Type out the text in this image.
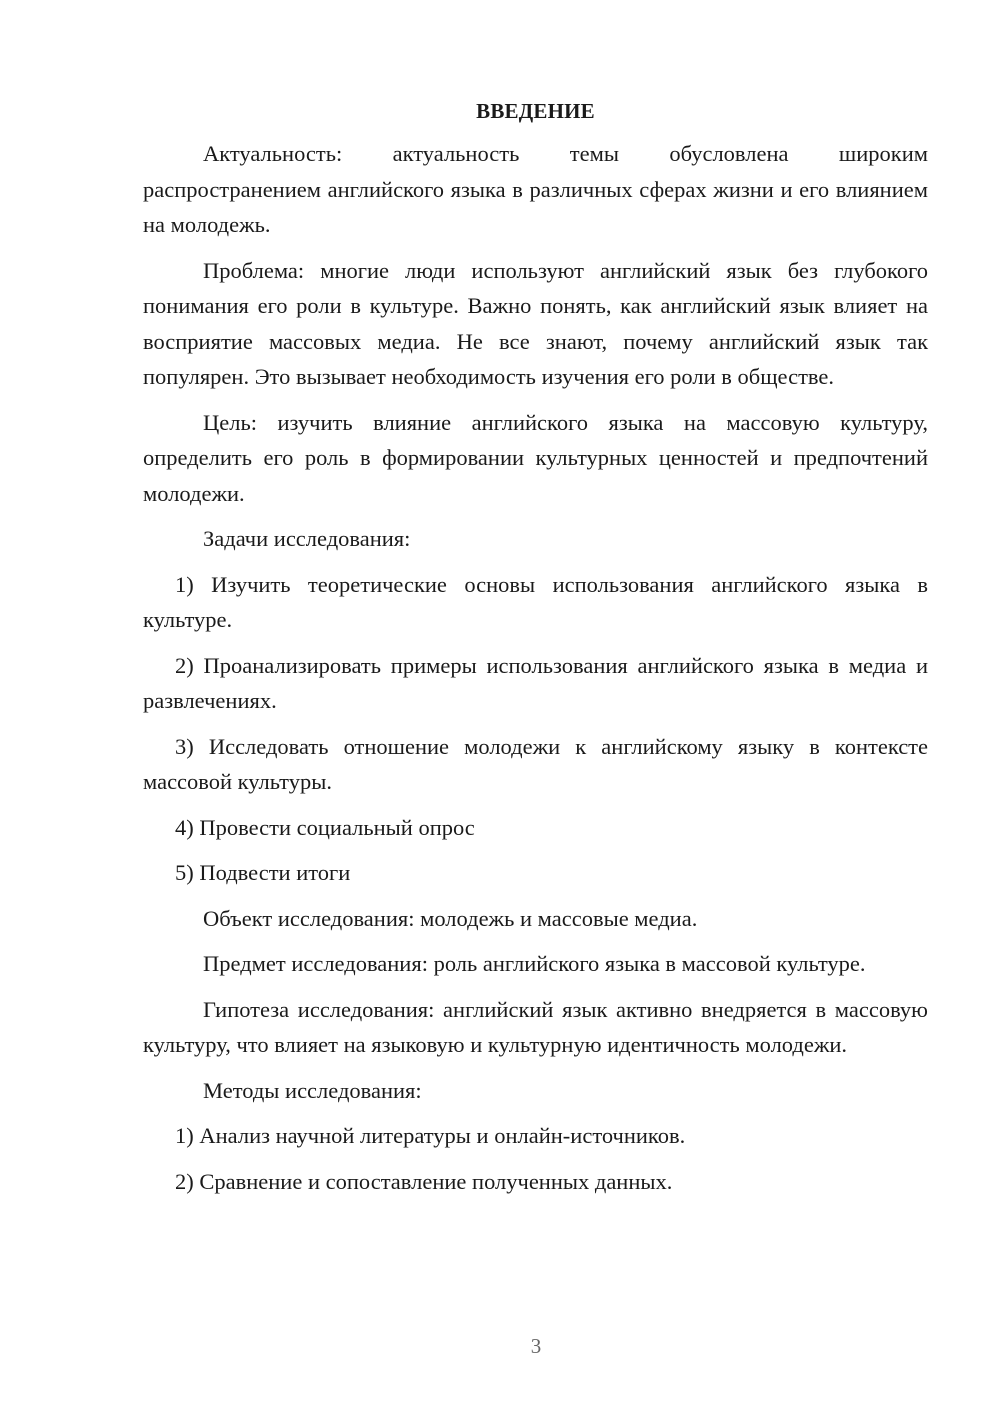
ВВЕДЕНИЕ

Актуальность: актуальность темы обусловлена широким распространением английского языка в различных сферах жизни и его влиянием на молодежь.

Проблема: многие люди используют английский язык без глубокого понимания его роли в культуре. Важно понять, как английский язык влияет на восприятие массовых медиа. Не все знают, почему английский язык так популярен. Это вызывает необходимость изучения его роли в обществе.

Цель: изучить влияние английского языка на массовую культуру, определить его роль в формировании культурных ценностей и предпочтений молодежи.

Задачи исследования:

1) Изучить теоретические основы использования английского языка в культуре.

2) Проанализировать примеры использования английского языка в медиа и развлечениях.

3) Исследовать отношение молодежи к английскому языку в контексте массовой культуры.

4) Провести социальный опрос

5) Подвести итоги

Объект исследования: молодежь и массовые медиа.

Предмет исследования: роль английского языка в массовой культуре.

Гипотеза исследования: английский язык активно внедряется в массовую культуру, что влияет на языковую и культурную идентичность молодежи.

Методы исследования:

1) Анализ научной литературы и онлайн-источников.

2) Сравнение и сопоставление полученных данных.

3
